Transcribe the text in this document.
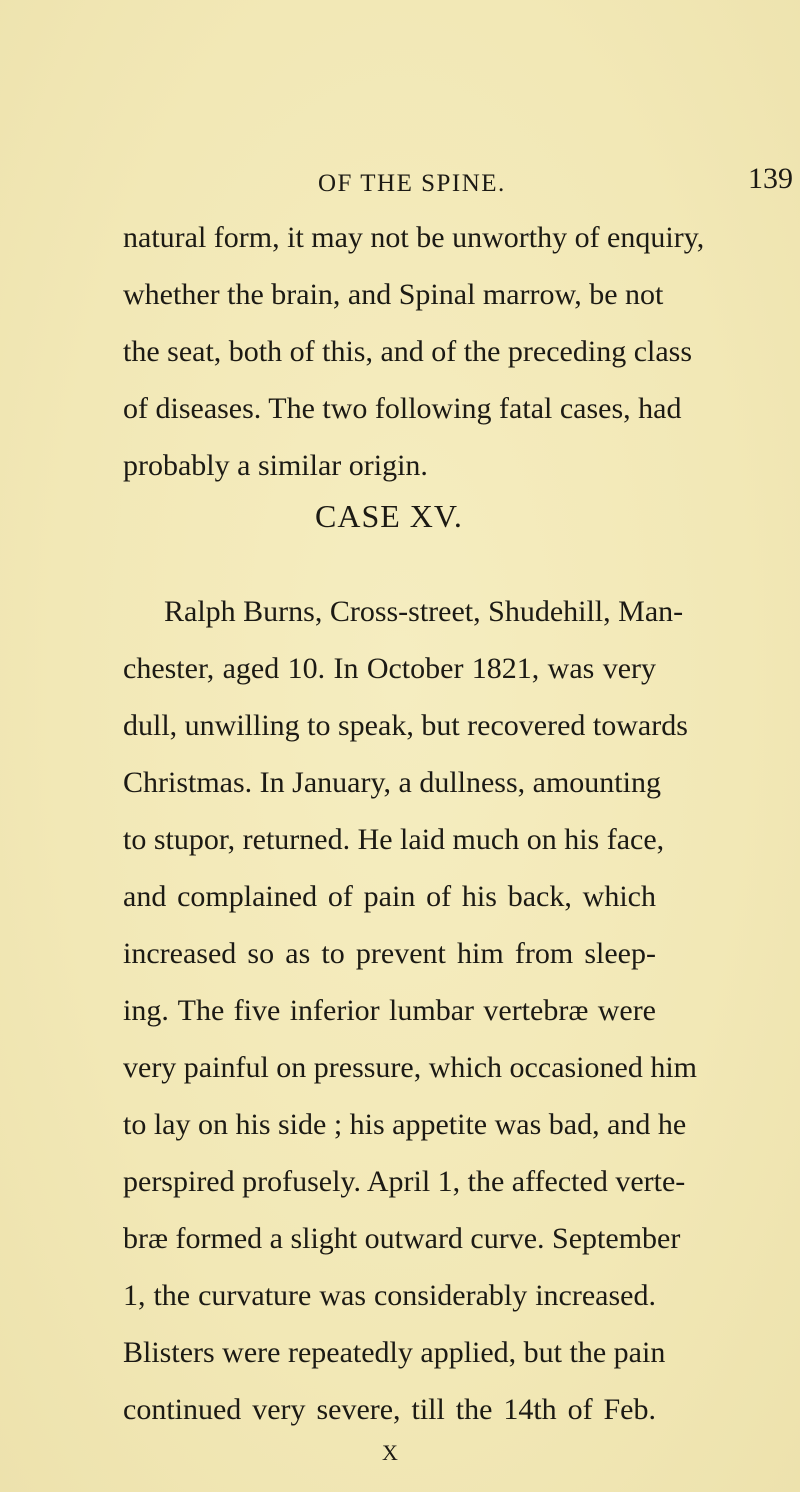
OF THE SPINE.	139
natural form, it may not be unworthy of enquiry,
whether the brain, and Spinal marrow, be not
the seat, both of this, and of the preceding class
of diseases. The two following fatal cases, had
probably a similar origin.
CASE XV.
Ralph Burns, Cross-street, Shudehill, Man-
chester, aged 10. In October 1821, was very
dull, unwilling to speak, but recovered towards
Christmas. In January, a dullness, amounting
to stupor, returned. He laid much on his face,
and complained of pain of his back, which
increased so as to prevent him from sleep-
ing. The five inferior lumbar vertebræ were
very painful on pressure, which occasioned him
to lay on his side ; his appetite was bad, and he
perspired profusely. April 1, the affected verte-
bræ formed a slight outward curve. September
1, the curvature was considerably increased.
Blisters were repeatedly applied, but the pain
continued very severe, till the 14th of Feb.
X
